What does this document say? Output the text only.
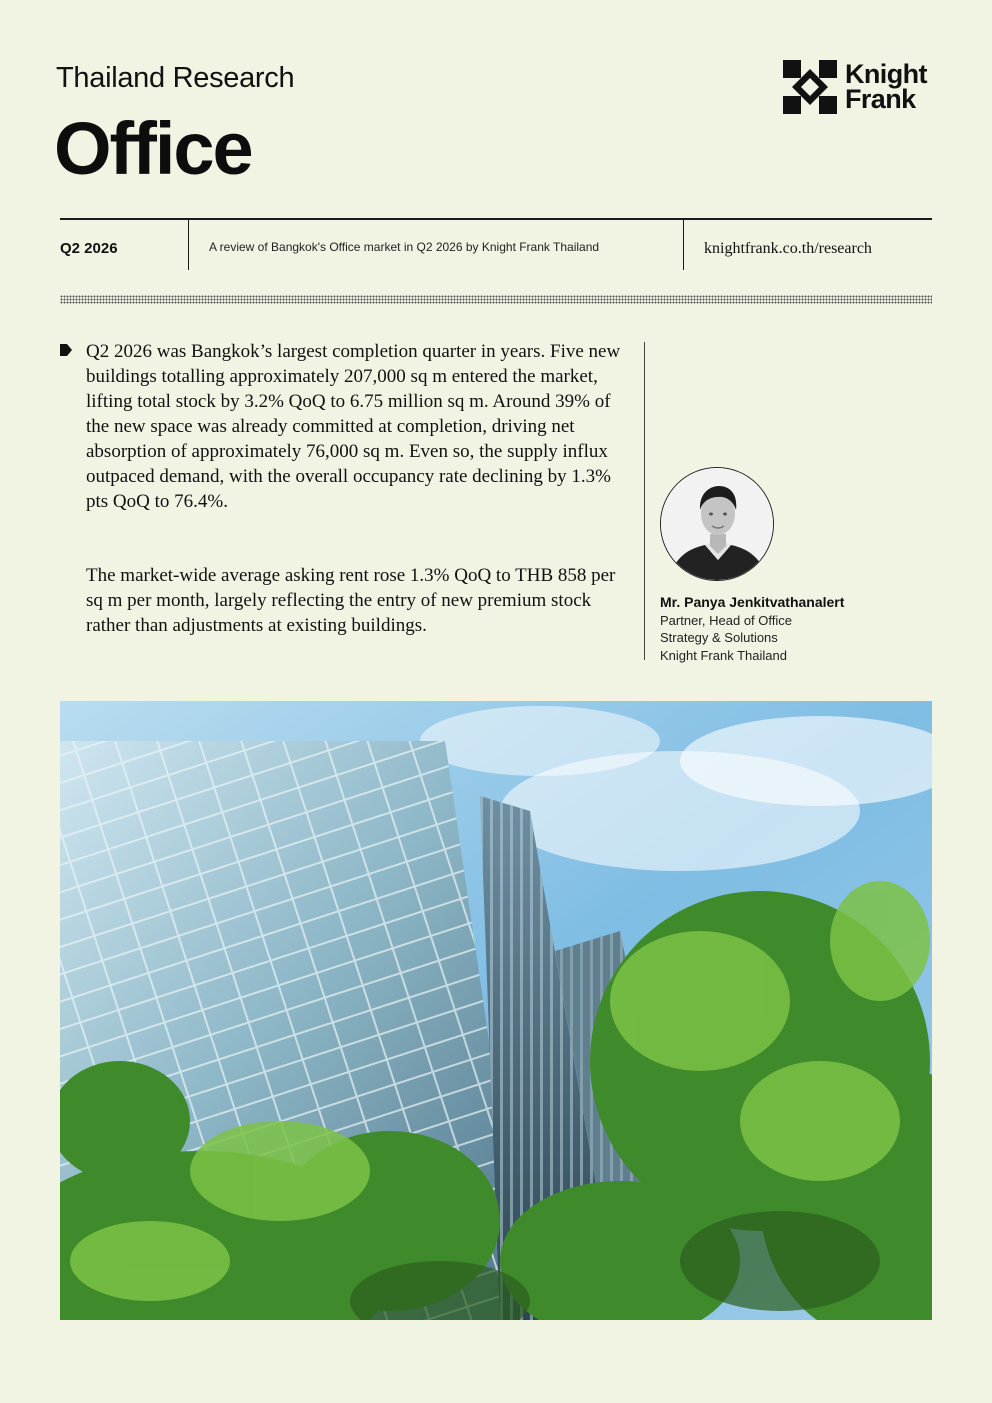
Thailand Research
Office
Knight
Frank
Q2 2026	A review of Bangkok's Office market in Q2 2026 by Knight Frank Thailand	knightfrank.co.th/research
Q2 2026 was Bangkok’s largest completion quarter in years. Five new buildings totalling approximately 207,000 sq m entered the market, lifting total stock by 3.2% QoQ to 6.75 million sq m. Around 39% of the new space was already committed at completion, driving net absorption of approximately 76,000 sq m. Even so, the supply influx outpaced demand, with the overall occupancy rate declining by 1.3% pts QoQ to 76.4%.
The market-wide average asking rent rose 1.3% QoQ to THB 858 per sq m per month, largely reflecting the entry of new premium stock rather than adjustments at existing buildings.
Mr. Panya Jenkitvathanalert
Partner, Head of Office
Strategy & Solutions
Knight Frank Thailand
